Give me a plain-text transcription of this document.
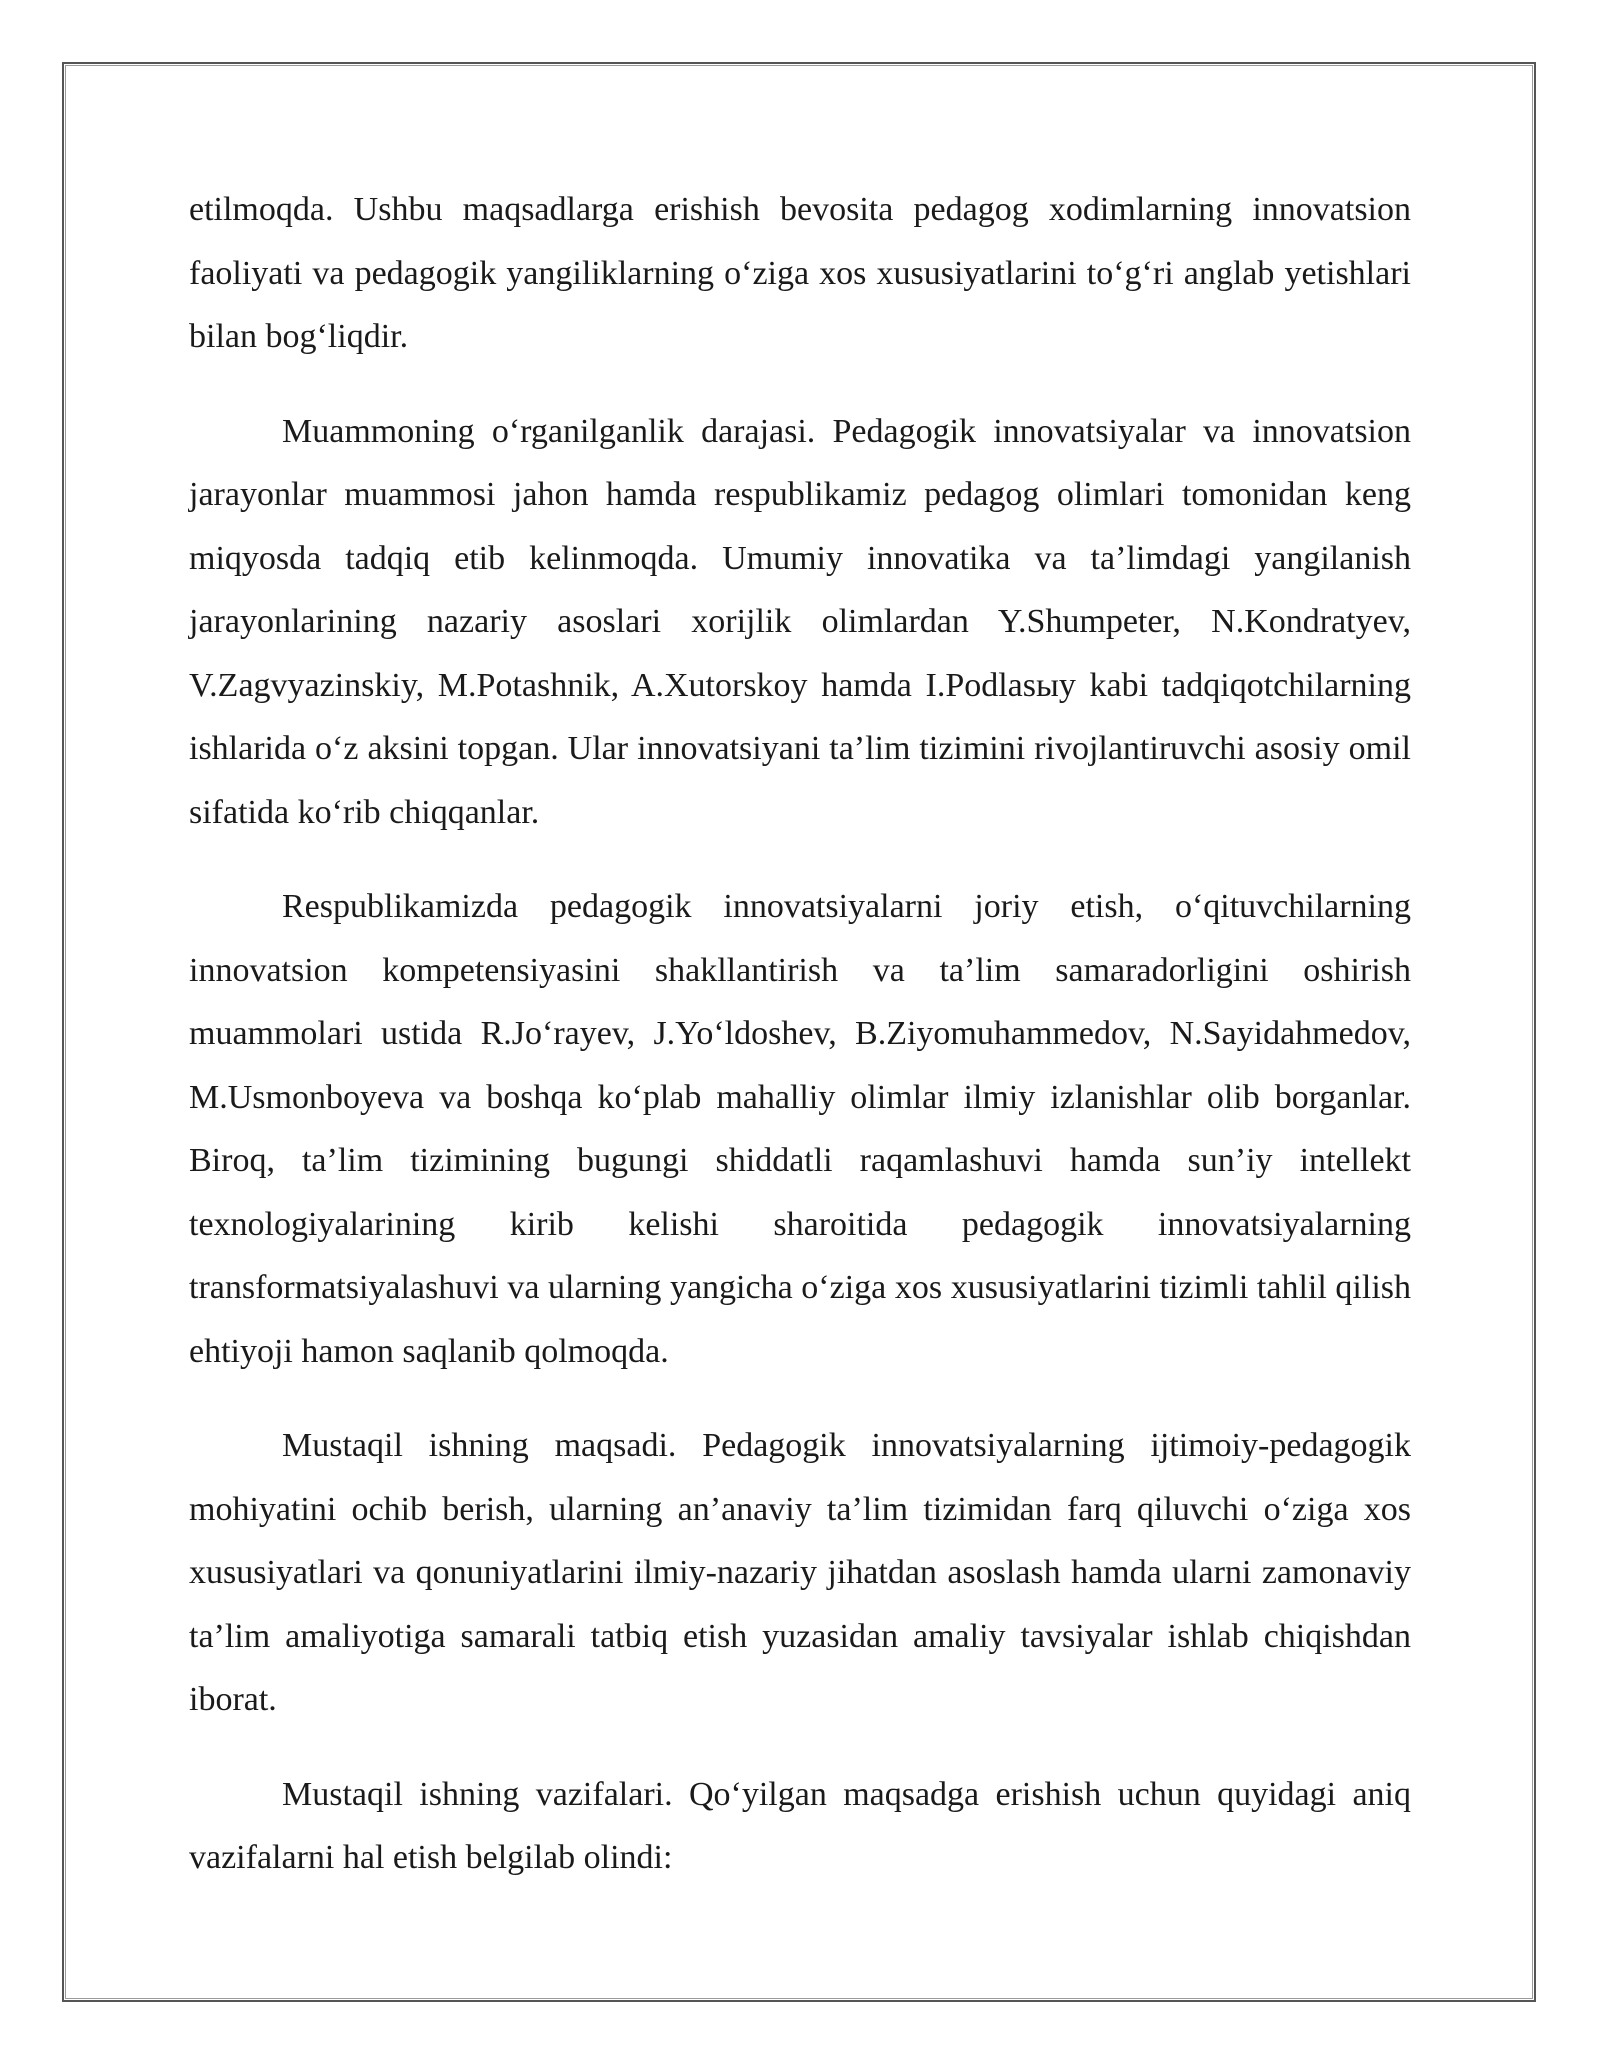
etilmoqda. Ushbu maqsadlarga erishish bevosita pedagog xodimlarning innovatsion faoliyati va pedagogik yangiliklarning o‘ziga xos xususiyatlarini to‘g‘ri anglab yetishlari bilan bog‘liqdir.

Muammoning o‘rganilganlik darajasi. Pedagogik innovatsiyalar va innovatsion jarayonlar muammosi jahon hamda respublikamiz pedagog olimlari tomonidan keng miqyosda tadqiq etib kelinmoqda. Umumiy innovatika va ta’limdagi yangilanish jarayonlarining nazariy asoslari xorijlik olimlardan Y.Shumpeter, N.Kondratyev, V.Zagvyazinskiy, M.Potashnik, A.Xutorskoy hamda I.Podlasыy kabi tadqiqotchilarning ishlarida o‘z aksini topgan. Ular innovatsiyani ta’lim tizimini rivojlantiruvchi asosiy omil sifatida ko‘rib chiqqanlar.

Respublikamizda pedagogik innovatsiyalarni joriy etish, o‘qituvchilarning innovatsion kompetensiyasini shakllantirish va ta’lim samaradorligini oshirish muammolari ustida R.Jo‘rayev, J.Yo‘ldoshev, B.Ziyomuhammedov, N.Sayidahmedov, M.Usmonboyeva va boshqa ko‘plab mahalliy olimlar ilmiy izlanishlar olib borganlar. Biroq, ta’lim tizimining bugungi shiddatli raqamlashuvi hamda sun’iy intellekt texnologiyalarining kirib kelishi sharoitida pedagogik innovatsiyalarning transformatsiyalashuvi va ularning yangicha o‘ziga xos xususiyatlarini tizimli tahlil qilish ehtiyoji hamon saqlanib qolmoqda.

Mustaqil ishning maqsadi. Pedagogik innovatsiyalarning ijtimoiy-pedagogik mohiyatini ochib berish, ularning an’anaviy ta’lim tizimidan farq qiluvchi o‘ziga xos xususiyatlari va qonuniyatlarini ilmiy-nazariy jihatdan asoslash hamda ularni zamonaviy ta’lim amaliyotiga samarali tatbiq etish yuzasidan amaliy tavsiyalar ishlab chiqishdan iborat.

Mustaqil ishning vazifalari. Qo‘yilgan maqsadga erishish uchun quyidagi aniq vazifalarni hal etish belgilab olindi:
